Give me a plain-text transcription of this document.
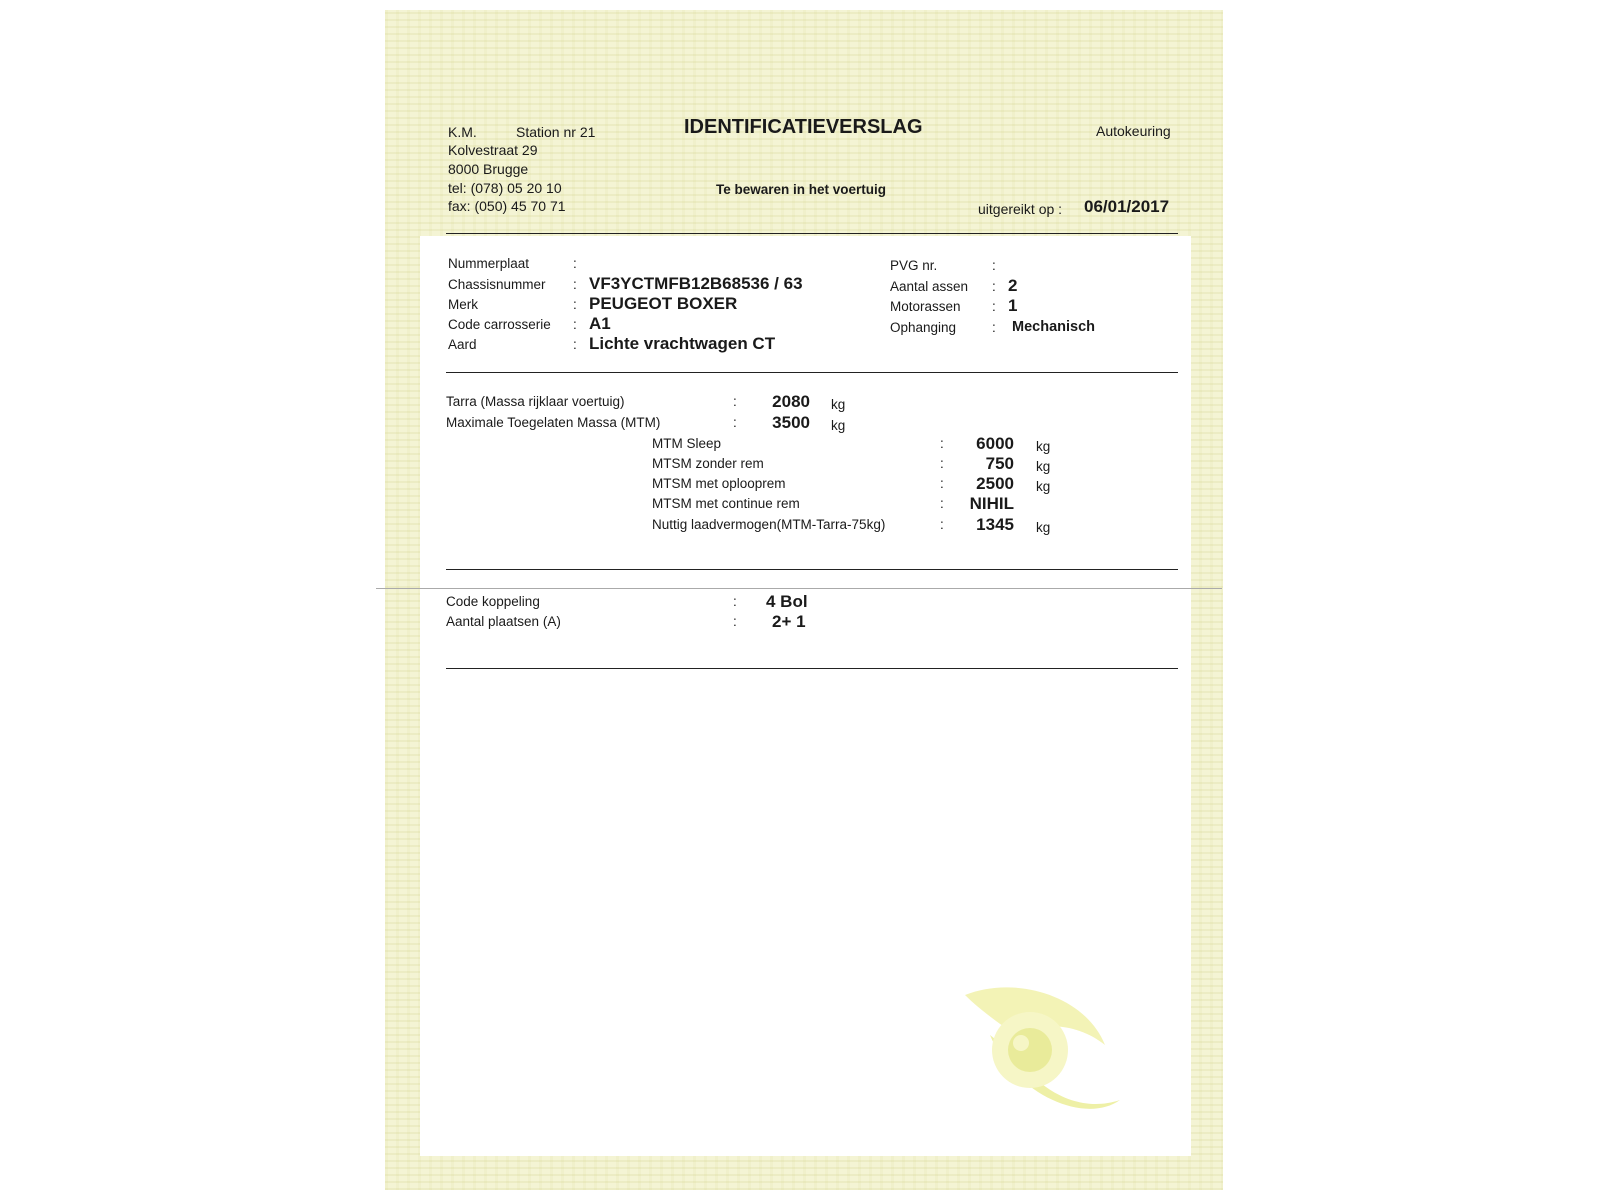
K.M.	Station nr 21
Kolvestraat 29
8000 Brugge
tel: (078) 05 20 10
fax: (050) 45 70 71
IDENTIFICATIEVERSLAG	Autokeuring
Te bewaren in het voertuig
uitgereikt op : 06/01/2017
Nummerplaat	:
Chassisnummer : VF3YCTMFB12B68536 / 63
Merk	: PEUGEOT BOXER
Code carrosserie : A1
Aard	: Lichte vrachtwagen CT
PVG nr.	:
Aantal assen : 2
Motorassen : 1
Ophanging	: Mechanisch
Tarra (Massa rijklaar voertuig)	:	2080 kg
Maximale Toegelaten Massa (MTM)	:	3500 kg
MTM Sleep	:	6000 kg
MTSM zonder rem	:	750 kg
MTSM met oplooprem	:	2500 kg
MTSM met continue rem	:	NIHIL
Nuttig laadvermogen(MTM-Tarra-75kg)	:	1345 kg
Code koppeling	: 4 Bol
Aantal plaatsen (A)	: 2+ 1
